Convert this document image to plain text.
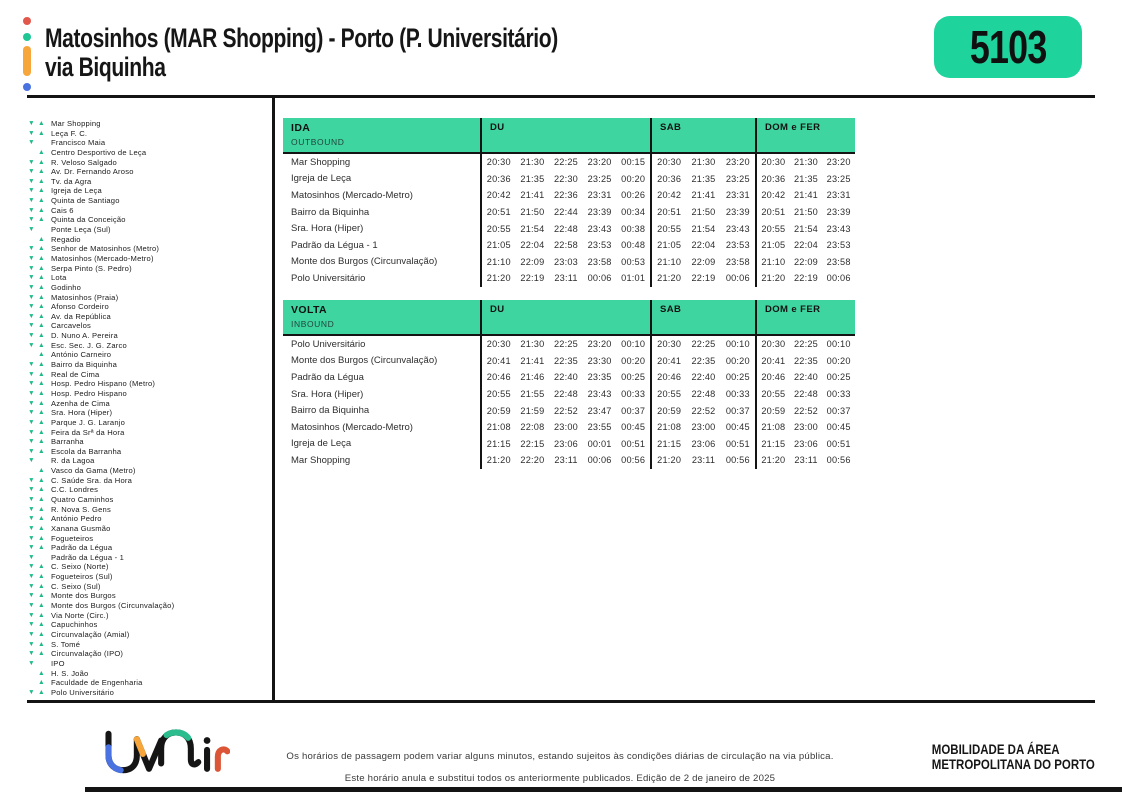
Matosinhos (MAR Shopping) - Porto (P. Universitário)
via Biquinha	5103
▼ ▲ Mar Shopping
▼ ▲ Leça F. C.
▼	Francisco Maia
▲ Centro Desportivo de Leça
▼ ▲ R. Veloso Salgado
▼ ▲ Av. Dr. Fernando Aroso
▼ ▲ Tv. da Agra
▼ ▲ Igreja de Leça
▼ ▲ Quinta de Santiago
▼ ▲ Cais 6
▼ ▲ Quinta da Conceição
▼	Ponte Leça (Sul)
▲ Regadio
▼ ▲ Senhor de Matosinhos (Metro)
▼ ▲ Matosinhos (Mercado-Metro)
▼ ▲ Serpa Pinto (S. Pedro)
▼ ▲ Lota
▼ ▲ Godinho
▼ ▲ Matosinhos (Praia)
▼ ▲ Afonso Cordeiro
▼ ▲ Av. da República
▼ ▲ Carcavelos
▼ ▲ D. Nuno A. Pereira
▼ ▲ Esc. Sec. J. G. Zarco
▲ António Carneiro
▼ ▲ Bairro da Biquinha
▼ ▲ Real de Cima
▼ ▲ Hosp. Pedro Hispano (Metro)
▼ ▲ Hosp. Pedro Hispano
▼ ▲ Azenha de Cima
▼ ▲ Sra. Hora (Hiper)
▼ ▲ Parque J. G. Laranjo
▼ ▲ Feira da Srª da Hora
▼ ▲ Barranha
▼ ▲ Escola da Barranha
▼	R. da Lagoa
▲ Vasco da Gama (Metro)
▼ ▲ C. Saúde Sra. da Hora
▼ ▲ C.C. Londres
▼ ▲ Quatro Caminhos
▼ ▲ R. Nova S. Gens
▼ ▲ António Pedro
▼ ▲ Xanana Gusmão
▼ ▲ Fogueteiros
▼ ▲ Padrão da Légua
▼	Padrão da Légua - 1
▼ ▲ C. Seixo (Norte)
▼ ▲ Fogueteiros (Sul)
▼ ▲ C. Seixo (Sul)
▼ ▲ Monte dos Burgos
▼ ▲ Monte dos Burgos (Circunvalação)
▼ ▲ Via Norte (Circ.)
▼ ▲ Capuchinhos
▼ ▲ Circunvalação (Amial)
▼ ▲ S. Tomé
▼ ▲ Circunvalação (IPO)
▼	IPO
▲ H. S. João
▲ Faculdade de Engenharia
▼ ▲ Polo Universitário
IDA
OUTBOUND
DU	SAB	DOM e FER
Mar Shopping	20:30	21:30	22:25	23:20	00:15	20:30	21:30	23:20	20:30 21:30 23:20
Igreja de Leça	20:36	21:35	22:30	23:25	00:20	20:36	21:35	23:25	20:36 21:35 23:25
Matosinhos (Mercado-Metro)	20:42	21:41	22:36	23:31	00:26	20:42	21:41	23:31	20:42 21:41 23:31
Bairro da Biquinha	20:51	21:50	22:44	23:39	00:34	20:51	21:50	23:39	20:51 21:50 23:39
Sra. Hora (Hiper)	20:55	21:54	22:48	23:43	00:38	20:55	21:54	23:43	20:55 21:54 23:43
Padrão da Légua - 1	21:05	22:04	22:58	23:53	00:48	21:05	22:04	23:53	21:05 22:04 23:53
Monte dos Burgos (Circunvalação)	21:10	22:09	23:03	23:58	00:53	21:10	22:09	23:58	21:10 22:09 23:58
Polo Universitário	21:20	22:19	23:11	00:06	01:01	21:20	22:19	00:06	21:20 22:19 00:06
VOLTA
INBOUND
DU	SAB	DOM e FER
Polo Universitário	20:30	21:30	22:25	23:20	00:10	20:30	22:25	00:10	20:30 22:25 00:10
Monte dos Burgos (Circunvalação)	20:41	21:41	22:35	23:30	00:20	20:41	22:35	00:20	20:41 22:35 00:20
Padrão da Légua	20:46	21:46	22:40	23:35	00:25	20:46	22:40	00:25	20:46 22:40 00:25
Sra. Hora (Hiper)	20:55	21:55	22:48	23:43	00:33	20:55	22:48	00:33	20:55 22:48 00:33
Bairro da Biquinha	20:59	21:59	22:52	23:47	00:37	20:59	22:52	00:37	20:59 22:52 00:37
Matosinhos (Mercado-Metro)	21:08	22:08	23:00	23:55	00:45	21:08	23:00	00:45	21:08 23:00 00:45
Igreja de Leça	21:15	22:15	23:06	00:01	00:51	21:15	23:06	00:51	21:15 23:06 00:51
Mar Shopping	21:20	22:20	23:11	00:06	00:56	21:20	23:11	00:56	21:20 23:11 00:56
Os horários de passagem podem variar alguns minutos, estando sujeitos às condições diárias de circulação na via pública.
Este horário anula e substitui todos os anteriormente publicados. Edição de 2 de janeiro de 2025
MOBILIDADE DA ÁREA
METROPOLITANA DO PORTO
